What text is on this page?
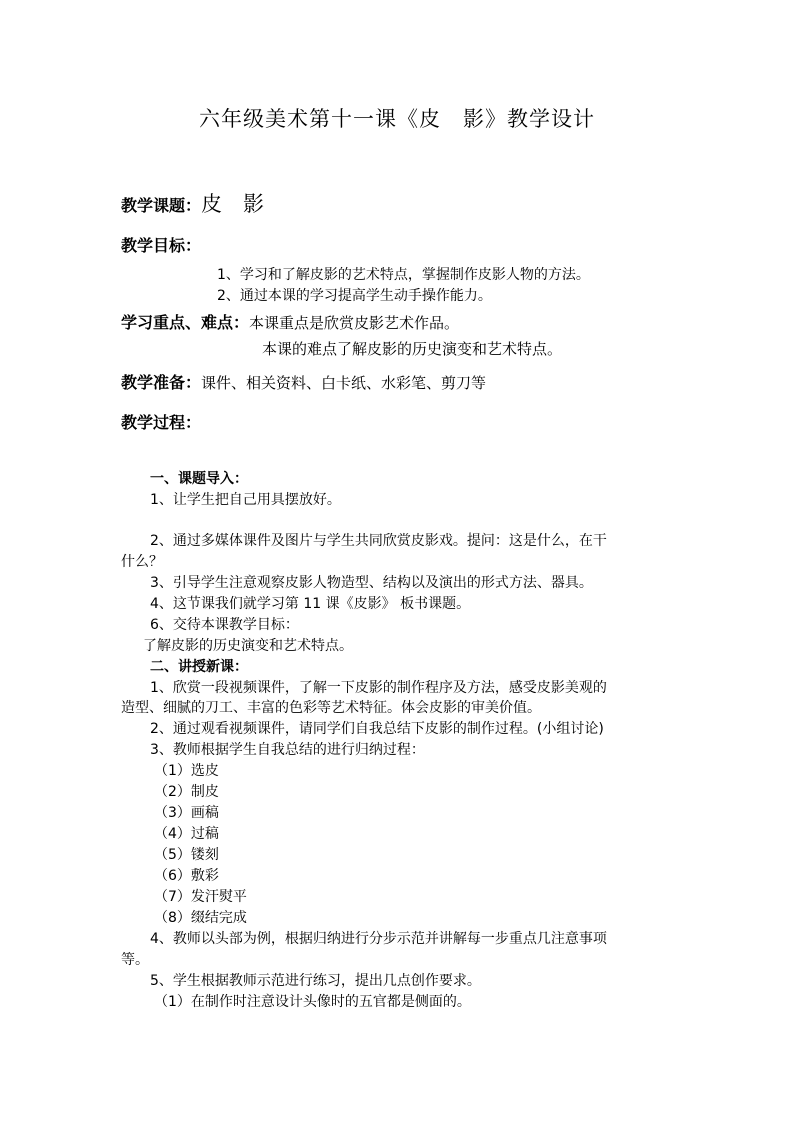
六年级美术第十一课《皮　影》教学设计
教学课题：皮　影
教学目标：
1、学习和了解皮影的艺术特点，掌握制作皮影人物的方法。
2、通过本课的学习提高学生动手操作能力。
学习重点、难点：本课重点是欣赏皮影艺术作品。
本课的难点了解皮影的历史演变和艺术特点。
教学准备：课件、相关资料、白卡纸、水彩笔、剪刀等
教学过程：
一、课题导入：
1、让学生把自己用具摆放好。
2、通过多媒体课件及图片与学生共同欣赏皮影戏。提问：这是什么，在干
什么？
3、引导学生注意观察皮影人物造型、结构以及演出的形式方法、器具。
4、这节课我们就学习第 11 课《皮影》 板书课题。
6、交待本课教学目标：
了解皮影的历史演变和艺术特点。
二、讲授新课：
1、欣赏一段视频课件，了解一下皮影的制作程序及方法，感受皮影美观的
造型、细腻的刀工、丰富的色彩等艺术特征。体会皮影的审美价值。
2、通过观看视频课件，请同学们自我总结下皮影的制作过程。(小组讨论)
3、教师根据学生自我总结的进行归纳过程：
（1）选皮
（2）制皮
（3）画稿
（4）过稿
（5）镂刻
（6）敷彩
（7）发汗熨平
（8）缀结完成
4、教师以头部为例，根据归纳进行分步示范并讲解每一步重点几注意事项
等。
5、学生根据教师示范进行练习，提出几点创作要求。
（1）在制作时注意设计头像时的五官都是侧面的。
